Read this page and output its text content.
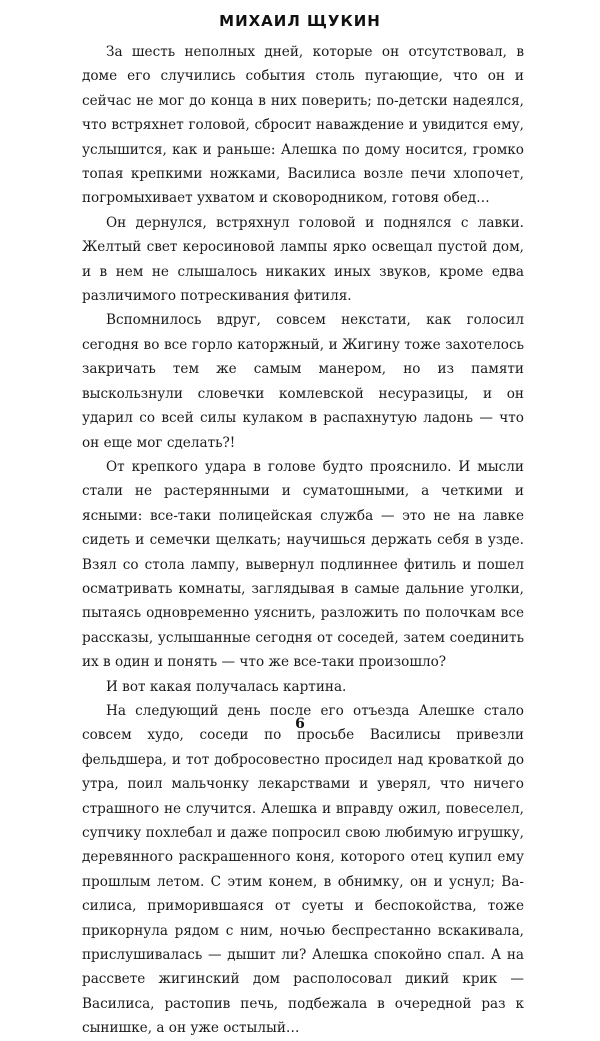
МИХАИЛ ЩУКИН

За шесть неполных дней, которые он отсутствовал, в доме его случились события столь пугающие, что он и сейчас не мог до конца в них поверить; по-детски надеялся, что встряхнет головой, сбросит наваждение и увидится ему, услышится, как и раньше: Алешка по дому носится, громко топая крепкими ножками, Василиса возле печи хлопочет, погромыхивает ухватом и сковородником, готовя обед…

Он дернулся, встряхнул головой и поднялся с лавки. Желтый свет керосиновой лампы ярко освещал пустой дом, и в нем не слышалось никаких иных звуков, кроме едва различимого потрескивания фитиля.

Вспомнилось вдруг, совсем некстати, как голосил сегодня во все горло каторжный, и Жигину тоже захотелось закричать тем же самым манером, но из памяти выскользнули словечки комлевской несуразицы, и он ударил со всей силы кулаком в распахнутую ладонь — что он еще мог сделать?!

От крепкого удара в голове будто прояснило. И мысли стали не растерянными и суматошными, а четкими и ясными: все-таки полицейская служба — это не на лавке сидеть и семечки щелкать; научишься держать себя в узде. Взял со стола лампу, вывернул подлиннее фитиль и пошел осматривать комнаты, заглядывая в самые дальние уголки, пытаясь одновременно уяснить, разложить по полочкам все рассказы, услышанные сегодня от соседей, затем соединить их в один и понять — что же все-таки произошло?

И вот какая получалась картина.

На следующий день после его отъезда Алешке стало совсем худо, соседи по просьбе Василисы привезли фельдшера, и тот добросовестно просидел над кроваткой до утра, поил мальчонку лекарствами и уверял, что ничего страшного не случится. Алешка и вправду ожил, повеселел, супчику похлебал и даже попросил свою любимую игрушку, деревянного раскрашенного коня, которого отец купил ему прошлым летом. С этим конем, в обнимку, он и уснул; Василиса, приморившаяся от суеты и беспокойства, тоже прикорнула рядом с ним, ночью беспрестанно вскакивала, прислушивалась — дышит ли? Алешка спокойно спал. А на рассвете жигинский дом располосовал дикий крик — Василиса, растопив печь, подбежала в очередной раз к сынишке, а он уже остылый…

6
